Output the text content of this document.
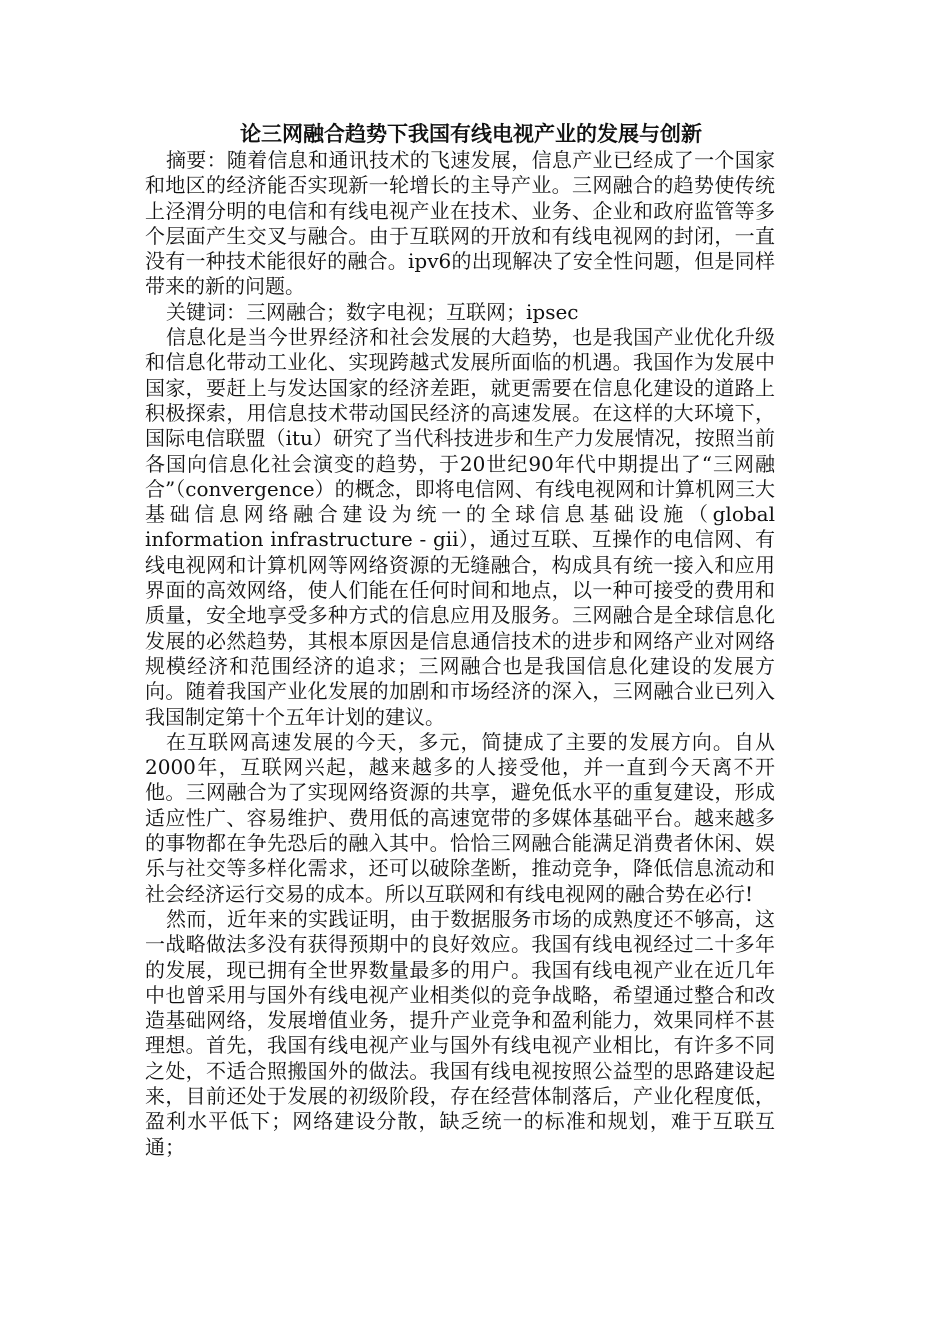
论三网融合趋势下我国有线电视产业的发展与创新

摘要：随着信息和通讯技术的飞速发展，信息产业已经成了一个国家和地区的经济能否实现新一轮增长的主导产业。三网融合的趋势使传统上泾渭分明的电信和有线电视产业在技术、业务、企业和政府监管等多个层面产生交叉与融合。由于互联网的开放和有线电视网的封闭，一直没有一种技术能很好的融合。ipv6的出现解决了安全性问题，但是同样带来的新的问题。

关键词：三网融合；数字电视；互联网；ipsec

信息化是当今世界经济和社会发展的大趋势，也是我国产业优化升级和信息化带动工业化、实现跨越式发展所面临的机遇。我国作为发展中国家，要赶上与发达国家的经济差距，就更需要在信息化建设的道路上积极探索，用信息技术带动国民经济的高速发展。在这样的大环境下，国际电信联盟（itu）研究了当代科技进步和生产力发展情况，按照当前各国向信息化社会演变的趋势，于20世纪90年代中期提出了“三网融合”（convergence）的概念，即将电信网、有线电视网和计算机网三大基础信息网络融合建设为统一的全球信息基础设施（global information infrastructure - gii），通过互联、互操作的电信网、有线电视网和计算机网等网络资源的无缝融合，构成具有统一接入和应用界面的高效网络，使人们能在任何时间和地点，以一种可接受的费用和质量，安全地享受多种方式的信息应用及服务。三网融合是全球信息化发展的必然趋势，其根本原因是信息通信技术的进步和网络产业对网络规模经济和范围经济的追求；三网融合也是我国信息化建设的发展方向。随着我国产业化发展的加剧和市场经济的深入，三网融合业已列入我国制定第十个五年计划的建议。

在互联网高速发展的今天，多元，简捷成了主要的发展方向。自从2000年，互联网兴起，越来越多的人接受他，并一直到今天离不开他。三网融合为了实现网络资源的共享，避免低水平的重复建设，形成适应性广、容易维护、费用低的高速宽带的多媒体基础平台。越来越多的事物都在争先恐后的融入其中。恰恰三网融合能满足消费者休闲、娱乐与社交等多样化需求，还可以破除垄断，推动竞争，降低信息流动和社会经济运行交易的成本。所以互联网和有线电视网的融合势在必行!

然而，近年来的实践证明，由于数据服务市场的成熟度还不够高，这一战略做法多没有获得预期中的良好效应。我国有线电视经过二十多年的发展，现已拥有全世界数量最多的用户。我国有线电视产业在近几年中也曾采用与国外有线电视产业相类似的竞争战略，希望通过整合和改造基础网络，发展增值业务，提升产业竞争和盈利能力，效果同样不甚理想。首先，我国有线电视产业与国外有线电视产业相比，有许多不同之处，不适合照搬国外的做法。我国有线电视按照公益型的思路建设起来，目前还处于发展的初级阶段，存在经营体制落后，产业化程度低，盈利水平低下；网络建设分散，缺乏统一的标准和规划，难于互联互通；
